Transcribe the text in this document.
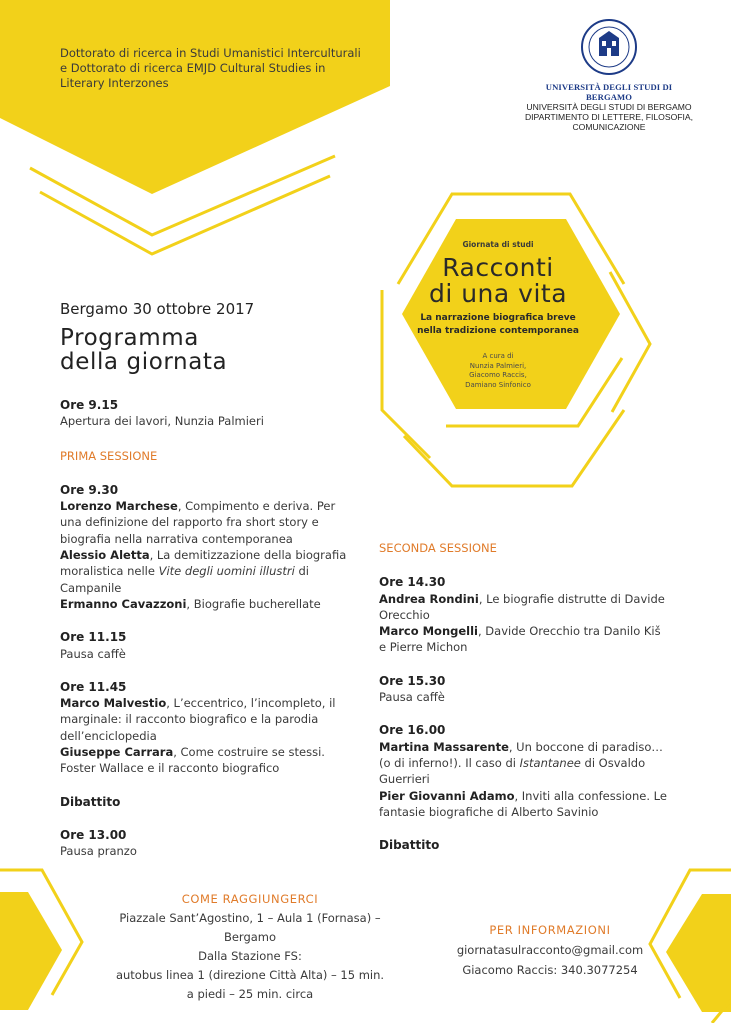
Dottorato di ricerca in Studi Umanistici Interculturali
e Dottorato di ricerca EMJD Cultural Studies in
Literary Interzones	UNIVERSITÀ DEGLI STUDI DI BERGAMO
UNIVERSITÀ DEGLI STUDI DI BERGAMO
DIPARTIMENTO DI LETTERE, FILOSOFIA,
COMUNICAZIONE
Giornata di studi
Racconti
di una vita
La narrazione biografica breve
nella tradizione contemporanea
A cura di
Nunzia Palmieri,
Giacomo Raccis,
Damiano Sinfonico
Bergamo 30 ottobre 2017
Programma
della giornata
Ore 9.15
Apertura dei lavori, Nunzia Palmieri
PRIMA SESSIONE
Ore 9.30
Lorenzo Marchese, Compimento e deriva. Per
una definizione del rapporto fra short story e
biografia nella narrativa contemporanea
Alessio Aletta, La demitizzazione della biografia
moralistica nelle Vite degli uomini illustri di
Campanile
Ermanno Cavazzoni, Biografie bucherellate
Ore 11.15
Pausa caffè
Ore 11.45
Marco Malvestio, L’eccentrico, l’incompleto, il
marginale: il racconto biografico e la parodia
dell’enciclopedia
Giuseppe Carrara, Come costruire se stessi.
Foster Wallace e il racconto biografico
Dibattito
Ore 13.00
Pausa pranzo
SECONDA SESSIONE
Ore 14.30
Andrea Rondini, Le biografie distrutte di Davide
Orecchio
Marco Mongelli, Davide Orecchio tra Danilo Kiš
e Pierre Michon
Ore 15.30
Pausa caffè
Ore 16.00
Martina Massarente, Un boccone di paradiso…
(o di inferno!). Il caso di Istantanee di Osvaldo
Guerrieri
Pier Giovanni Adamo, Inviti alla confessione. Le
fantasie biografiche di Alberto Savinio
Dibattito
COME RAGGIUNGERCI
Piazzale Sant’Agostino, 1 – Aula 1 (Fornasa) – Bergamo
Dalla Stazione FS:
autobus linea 1 (direzione Città Alta) – 15 min.
a piedi – 25 min. circa
PER INFORMAZIONI
giornatasulracconto@gmail.com
Giacomo Raccis: 340.3077254
